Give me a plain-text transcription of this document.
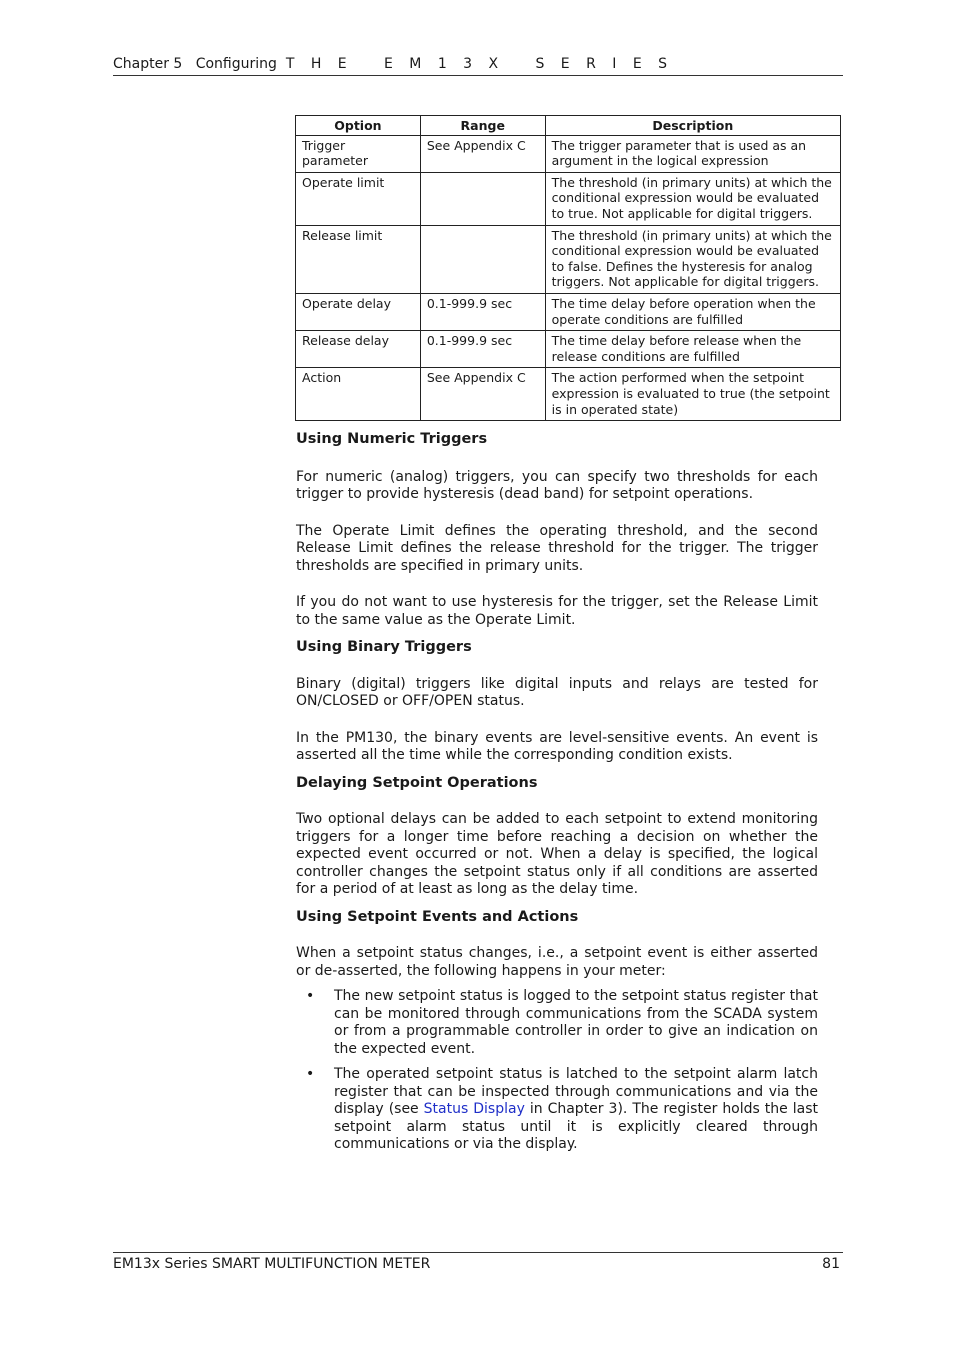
Chapter 5 Configuring T H E   E M 1 3 X   S E R I E S
Option	Range	Description
Trigger parameter	See Appendix C	The trigger parameter that is used as an argument in the logical expression
Operate limit		The threshold (in primary units) at which the conditional expression would be evaluated to true. Not applicable for digital triggers.
Release limit		The threshold (in primary units) at which the conditional expression would be evaluated to false. Defines the hysteresis for analog triggers. Not applicable for digital triggers.
Operate delay	0.1-999.9 sec	The time delay before operation when the operate conditions are fulfilled
Release delay	0.1-999.9 sec	The time delay before release when the release conditions are fulfilled
Action	See Appendix C	The action performed when the setpoint expression is evaluated to true (the setpoint is in operated state)
Using Numeric Triggers

For numeric (analog) triggers, you can specify two thresholds for each trigger to provide hysteresis (dead band) for setpoint operations.

The Operate Limit defines the operating threshold, and the second Release Limit defines the release threshold for the trigger. The trigger thresholds are specified in primary units.

If you do not want to use hysteresis for the trigger, set the Release Limit to the same value as the Operate Limit.

Using Binary Triggers

Binary (digital) triggers like digital inputs and relays are tested for ON/CLOSED or OFF/OPEN status.

In the PM130, the binary events are level-sensitive events. An event is asserted all the time while the corresponding condition exists.

Delaying Setpoint Operations

Two optional delays can be added to each setpoint to extend monitoring triggers for a longer time before reaching a decision on whether the expected event occurred or not. When a delay is specified, the logical controller changes the setpoint status only if all conditions are asserted for a period of at least as long as the delay time.

Using Setpoint Events and Actions

When a setpoint status changes, i.e., a setpoint event is either asserted or de-asserted, the following happens in your meter:

• The new setpoint status is logged to the setpoint status register that can be monitored through communications from the SCADA system or from a programmable controller in order to give an indication on the expected event.
• The operated setpoint status is latched to the setpoint alarm latch register that can be inspected through communications and via the display (see Status Display in Chapter 3). The register holds the last setpoint alarm status until it is explicitly cleared through communications or via the display.
EM13x Series SMART MULTIFUNCTION METER	81
